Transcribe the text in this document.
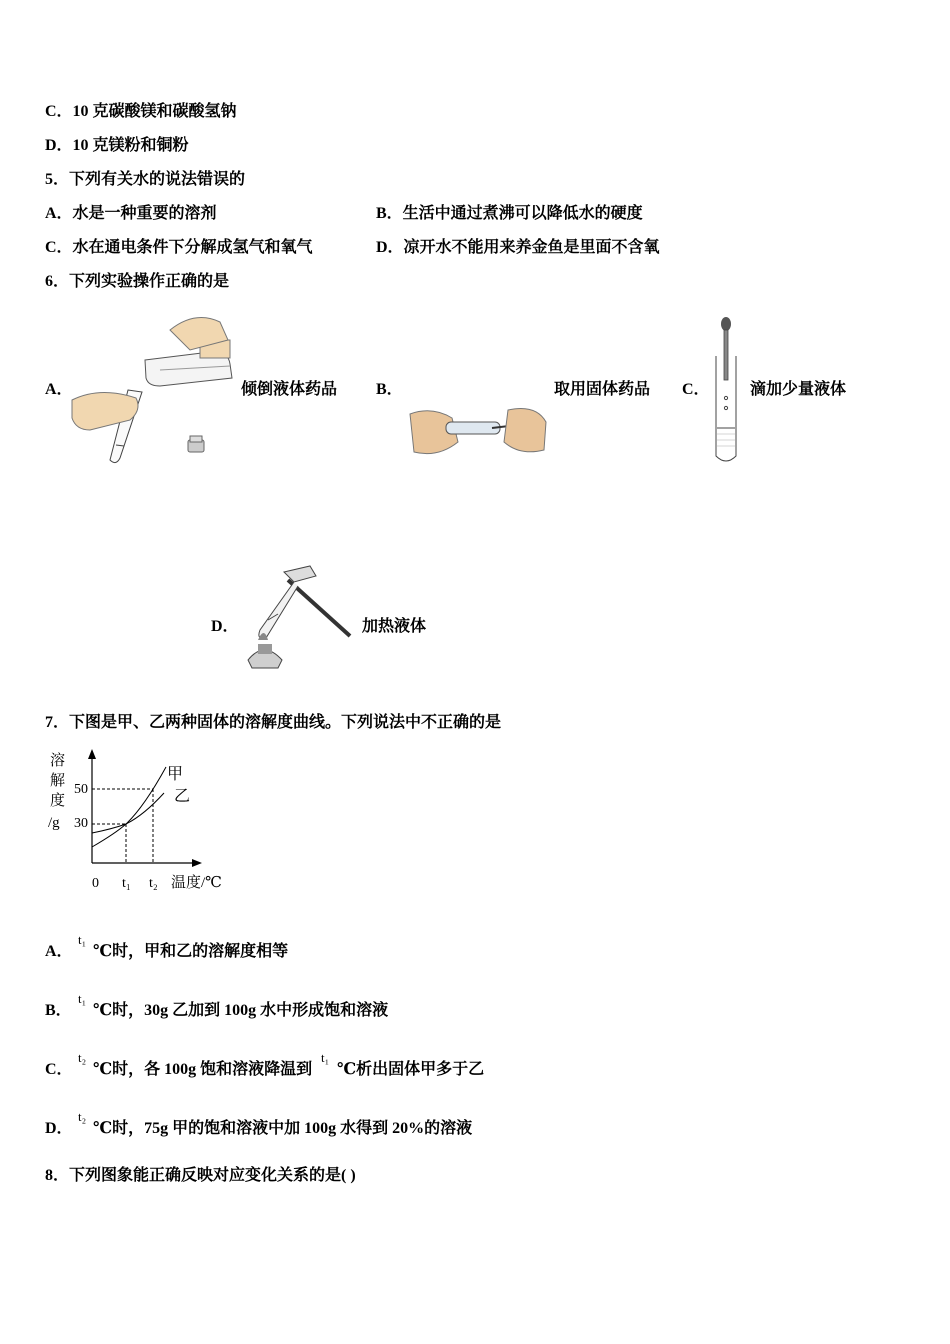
C．10 克碳酸镁和碳酸氢钠
D．10 克镁粉和铜粉
5．下列有关水的说法错误的
A．水是一种重要的溶剂	B．生活中通过煮沸可以降低水的硬度
C．水在通电条件下分解成氢气和氧气	D．凉开水不能用来养金鱼是里面不含氧
6．下列实验操作正确的是
A．	倾倒液体药品 B．	取用固体药品 C．	滴加少量液体
D．	加热液体
7．下图是甲、乙两种固体的溶解度曲线。下列说法中不正确的是
溶
解
度
/g
50
30
甲
乙
0 t₁ t₂ 温度/℃
A．
t₁
℃时，甲和乙的溶解度相等
B．
t₁
℃时，30g 乙加到 100g 水中形成饱和溶液
C．
t₂
℃时，各 100g 饱和溶液降温到
t₁
℃析出固体甲多于乙
D．
t₂
℃时，75g 甲的饱和溶液中加 100g 水得到 20%的溶液
8．下列图象能正确反映对应变化关系的是( )
